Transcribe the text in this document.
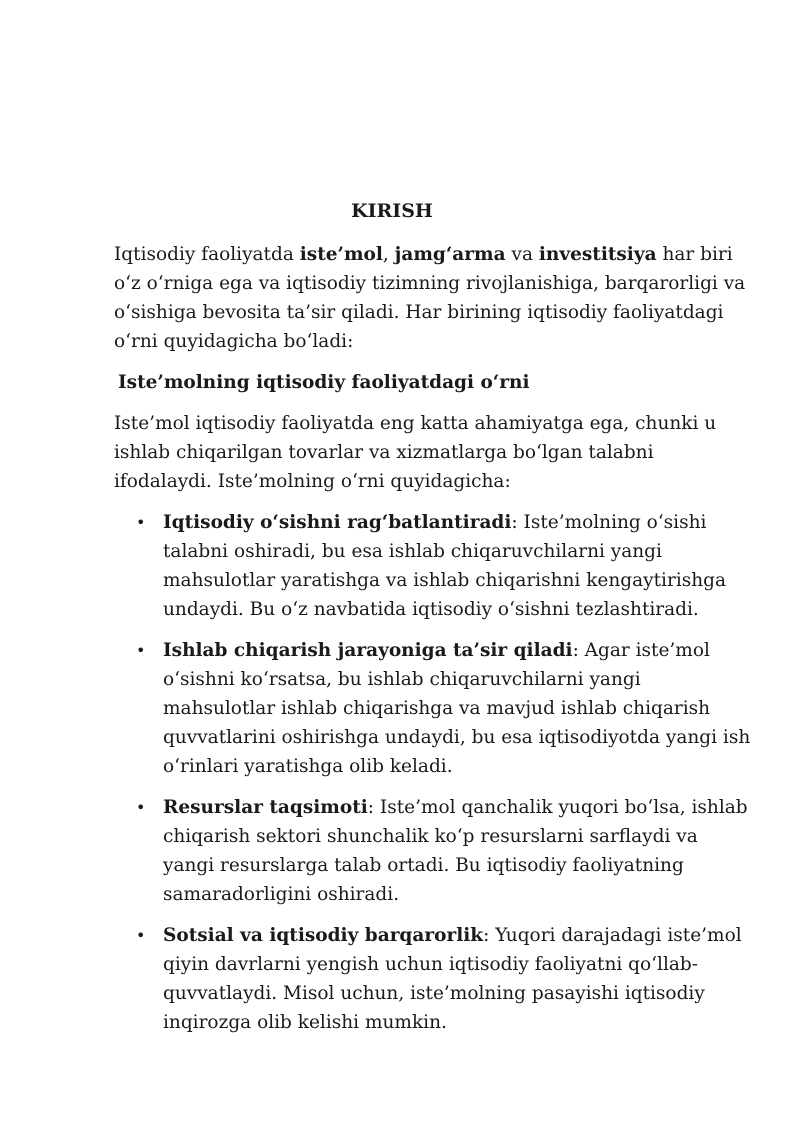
KIRISH

Iqtisodiy faoliyatda iste’mol, jamg‘arma va investitsiya har biri o‘z o‘rniga ega va iqtisodiy tizimning rivojlanishiga, barqarorligi va o‘sishiga bevosita ta’sir qiladi. Har birining iqtisodiy faoliyatdagi o‘rni quyidagicha bo‘ladi:

Iste’molning iqtisodiy faoliyatdagi o‘rni

Iste’mol iqtisodiy faoliyatda eng katta ahamiyatga ega, chunki u ishlab chiqarilgan tovarlar va xizmatlarga bo‘lgan talabni ifodalaydi. Iste’molning o‘rni quyidagicha:

• Iqtisodiy o‘sishni rag‘batlantiradi: Iste’molning o‘sishi talabni oshiradi, bu esa ishlab chiqaruvchilarni yangi mahsulotlar yaratishga va ishlab chiqarishni kengaytirishga undaydi. Bu o‘z navbatida iqtisodiy o‘sishni tezlashtiradi.
• Ishlab chiqarish jarayoniga ta’sir qiladi: Agar iste’mol o‘sishni ko‘rsatsa, bu ishlab chiqaruvchilarni yangi mahsulotlar ishlab chiqarishga va mavjud ishlab chiqarish quvvatlarini oshirishga undaydi, bu esa iqtisodiyotda yangi ish o‘rinlari yaratishga olib keladi.
• Resurslar taqsimoti: Iste’mol qanchalik yuqori bo‘lsa, ishlab chiqarish sektori shunchalik ko‘p resurslarni sarflaydi va yangi resurslarga talab ortadi. Bu iqtisodiy faoliyatning samaradorligini oshiradi.
• Sotsial va iqtisodiy barqarorlik: Yuqori darajadagi iste’mol qiyin davrlarni yengish uchun iqtisodiy faoliyatni qo‘llab-quvvatlaydi. Misol uchun, iste’molning pasayishi iqtisodiy inqirozga olib kelishi mumkin.
